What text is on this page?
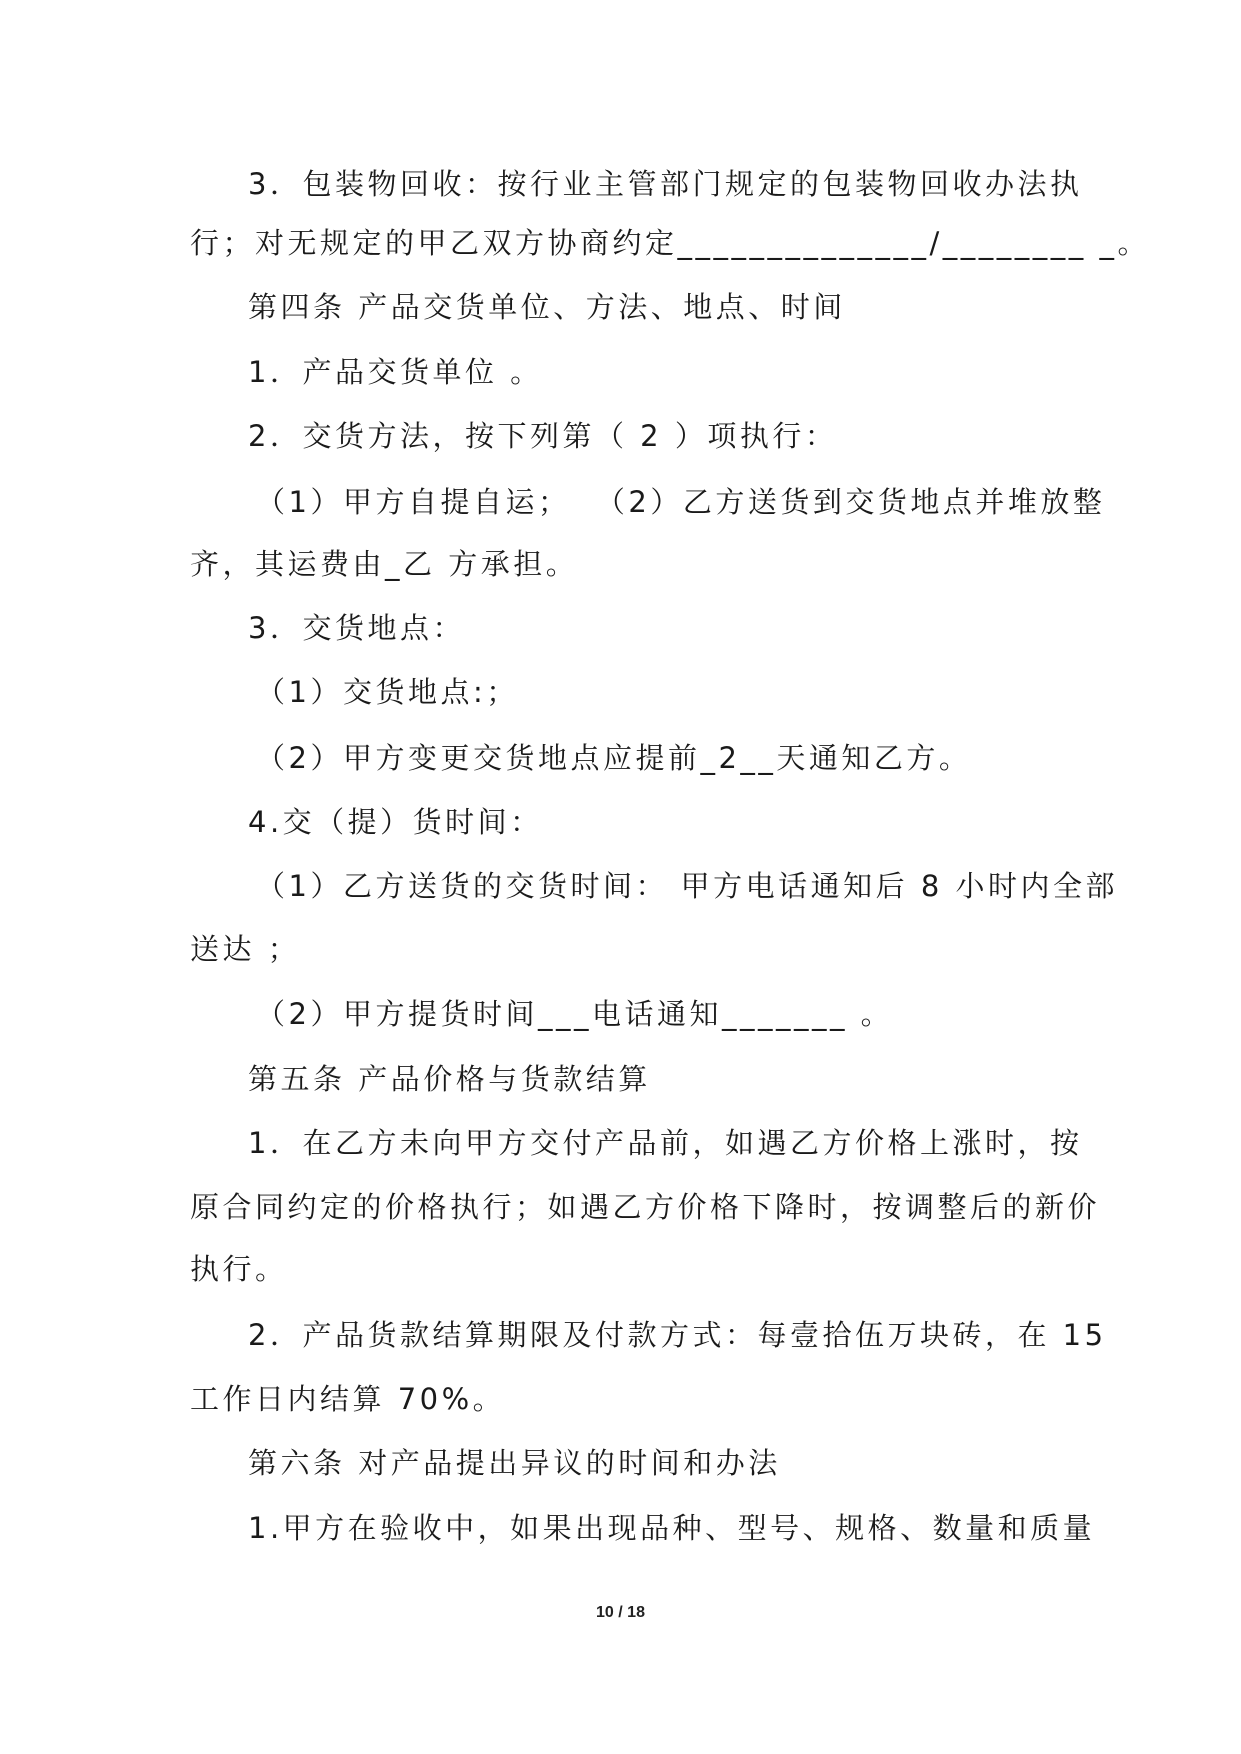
3．包装物回收：按行业主管部门规定的包装物回收办法执
行；对无规定的甲乙双方协商约定______________/________ _。
第四条 产品交货单位、方法、地点、时间
1．产品交货单位 。
2．交货方法，按下列第（ 2 ）项执行：
（1）甲方自提自运；  （2）乙方送货到交货地点并堆放整
齐，其运费由_乙 方承担。
3．交货地点：
（1）交货地点:；
（2）甲方变更交货地点应提前_2__天通知乙方。
4.交（提）货时间：
（1）乙方送货的交货时间： 甲方电话通知后 8 小时内全部
送达 ；
（2）甲方提货时间___电话通知_______ 。
第五条 产品价格与货款结算
1．在乙方未向甲方交付产品前，如遇乙方价格上涨时，按
原合同约定的价格执行；如遇乙方价格下降时，按调整后的新价
执行。
2．产品货款结算期限及付款方式：每壹拾伍万块砖，在 15
工作日内结算 70%。
第六条 对产品提出异议的时间和办法
1.甲方在验收中，如果出现品种、型号、规格、数量和质量
10 / 18
